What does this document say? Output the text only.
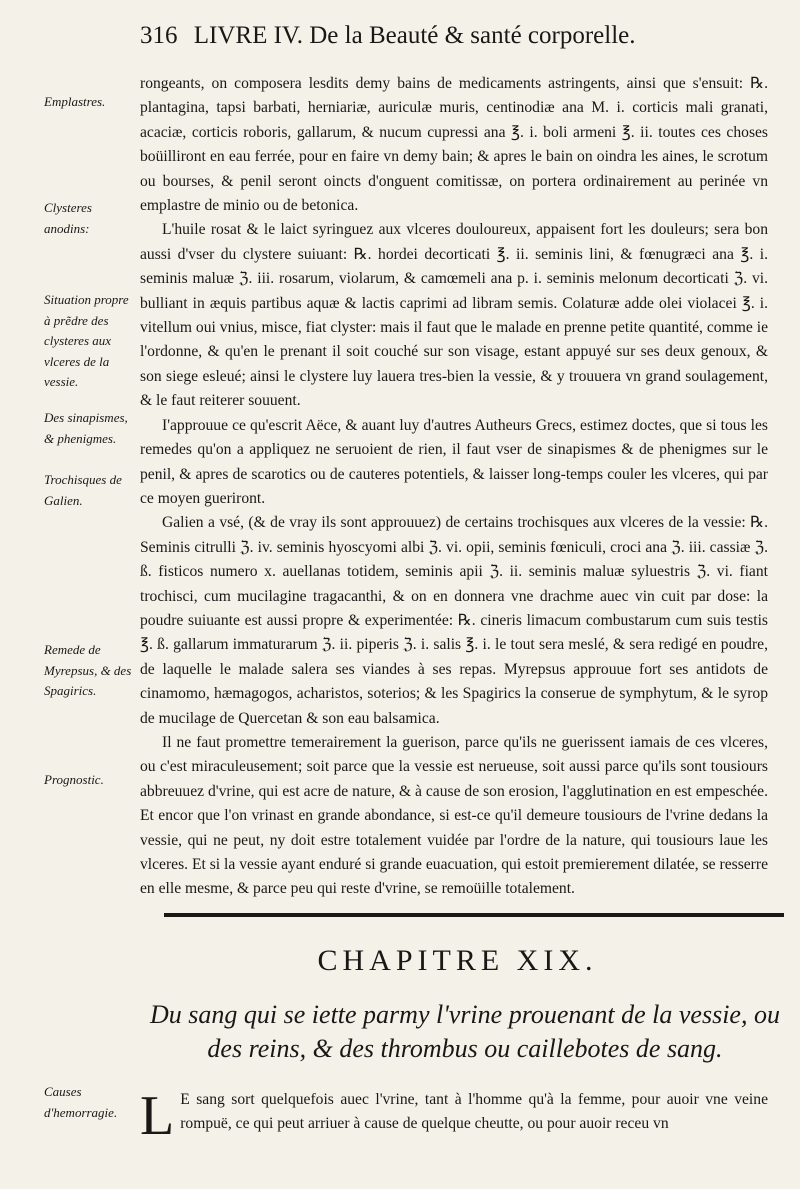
316 LIVRE IV. De la Beauté & santé corporelle.
Emplastres.
Clysteres anodins:
Situation propre à prẽdre des clysteres aux vlceres de la vessie.
Des sinapismes, & phenigmes.
Trochisques de Galien.
Remede de Myrepsus, & des Spagirics.
Prognostic.
Causes d'hemorragie.

rongeants, on composera lesdits demy bains de medicaments astringents, ainsi que s'ensuit: ℞. plantagina, tapsi barbati, herniariæ, auriculæ muris, centinodiæ ana M. i. corticis mali granati, acaciæ, corticis roboris, gallarum, & nucum cupressi ana ℥. i. boli armeni ℥. ii. toutes ces choses boüilliront en eau ferrée, pour en faire vn demy bain; & apres le bain on oindra les aines, le scrotum ou bourses, & penil seront oincts d'onguent comitissæ, on portera ordinairement au perinée vn emplastre de minio ou de betonica.

L'huile rosat & le laict syringuez aux vlceres douloureux, appaisent fort les douleurs; sera bon aussi d'vser du clystere suiuant: ℞. hordei decorticati ℥. ii. seminis lini, & fœnugræci ana ℥. i. seminis maluæ ℨ. iii. rosarum, violarum, & camœmeli ana p. i. seminis melonum decorticati ℨ. vi. bulliant in æquis partibus aquæ & lactis caprimi ad libram semis. Colaturæ adde olei violacei ℥. i. vitellum oui vnius, misce, fiat clyster: mais il faut que le malade en prenne petite quantité, comme ie l'ordonne, & qu'en le prenant il soit couché sur son visage, estant appuyé sur ses deux genoux, & son siege esleué; ainsi le clystere luy lauera tres-bien la vessie, & y trouuera vn grand soulagement, & le faut reiterer souuent.

I'approuue ce qu'escrit Aëce, & auant luy d'autres Autheurs Grecs, estimez doctes, que si tous les remedes qu'on a appliquez ne seruoient de rien, il faut vser de sinapismes & de phenigmes sur le penil, & apres de scarotics ou de cauteres potentiels, & laisser long-temps couler les vlceres, qui par ce moyen gueriront.

Galien a vsé, (& de vray ils sont approuuez) de certains trochisques aux vlceres de la vessie: ℞. Seminis citrulli ℨ. iv. seminis hyoscyomi albi ℨ. vi. opii, seminis fœniculi, croci ana ℨ. iii. cassiæ ℨ. ß. fisticos numero x. auellanas totidem, seminis apii ℨ. ii. seminis maluæ syluestris ℨ. vi. fiant trochisci, cum mucilagine tragacanthi, & on en donnera vne drachme auec vin cuit par dose: la poudre suiuante est aussi propre & experimentée: ℞. cineris limacum combustarum cum suis testis ℥. ß. gallarum immaturarum ℨ. ii. piperis ℨ. i. salis ℥. i. le tout sera meslé, & sera redigé en poudre, de laquelle le malade salera ses viandes à ses repas. Myrepsus approuue fort ses antidots de cinamomo, hæmagogos, acharistos, soterios; & les Spagirics la conserue de symphytum, & le syrop de mucilage de Quercetan & son eau balsamica.

Il ne faut promettre temerairement la guerison, parce qu'ils ne guerissent iamais de ces vlceres, ou c'est miraculeusement; soit parce que la vessie est nerueuse, soit aussi parce qu'ils sont tousiours abbreuuez d'vrine, qui est acre de nature, & à cause de son erosion, l'agglutination en est empeschée. Et encor que l'on vrinast en grande abondance, si est-ce qu'il demeure tousiours de l'vrine dedans la vessie, qui ne peut, ny doit estre totalement vuidée par l'ordre de la nature, qui tousiours laue les vlceres. Et si la vessie ayant enduré si grande euacuation, qui estoit premierement dilatée, se resserre en elle mesme, & parce peu qui reste d'vrine, se remoüille totalement.

CHAPITRE XIX.
Du sang qui se iette parmy l'vrine prouenant de la vessie, ou des reins, & des thrombus ou caillebotes de sang.
L E sang sort quelquefois auec l'vrine, tant à l'homme qu'à la femme, pour auoir vne veine rompuë, ce qui peut arriuer à cause de quelque cheutte, ou pour auoir receu vn
